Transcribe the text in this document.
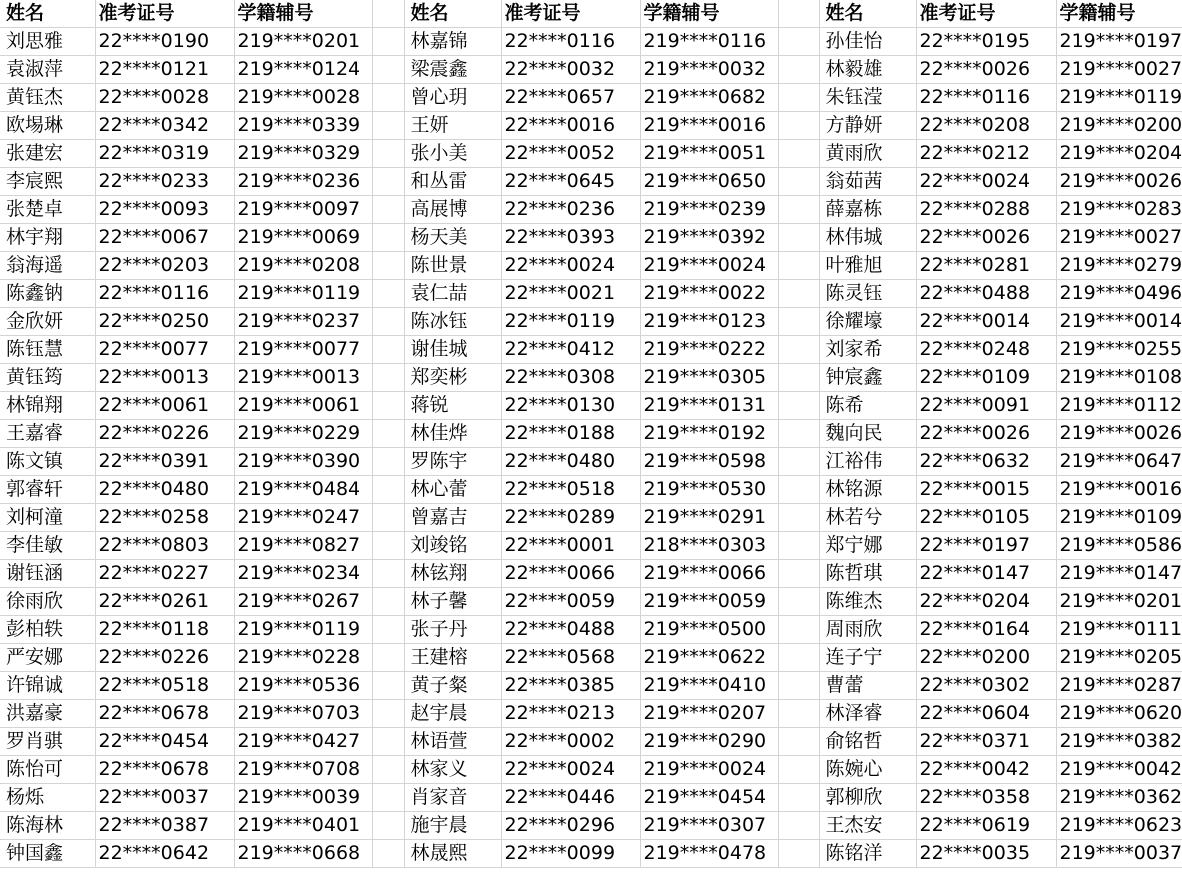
姓名	准考证号	学籍辅号		姓名	准考证号	学籍辅号		姓名	准考证号	学籍辅号
刘思雅	22****0190	219****0201		林嘉锦	22****0116	219****0116		孙佳怡	22****0195	219****0197
袁淑萍	22****0121	219****0124		梁震鑫	22****0032	219****0032		林毅雄	22****0026	219****0027
黄钰杰	22****0028	219****0028		曾心玥	22****0657	219****0682		朱钰滢	22****0116	219****0119
欧埸琳	22****0342	219****0339		王妍	22****0016	219****0016		方静妍	22****0208	219****0200
张建宏	22****0319	219****0329		张小美	22****0052	219****0051		黄雨欣	22****0212	219****0204
李宸熙	22****0233	219****0236		和丛雷	22****0645	219****0650		翁茹茜	22****0024	219****0026
张楚卓	22****0093	219****0097		高展博	22****0236	219****0239		薛嘉栋	22****0288	219****0283
林宇翔	22****0067	219****0069		杨天美	22****0393	219****0392		林伟城	22****0026	219****0027
翁海遥	22****0203	219****0208		陈世景	22****0024	219****0024		叶雅旭	22****0281	219****0279
陈鑫钠	22****0116	219****0119		袁仁喆	22****0021	219****0022		陈灵钰	22****0488	219****0496
金欣妍	22****0250	219****0237		陈冰钰	22****0119	219****0123		徐耀壕	22****0014	219****0014
陈钰慧	22****0077	219****0077		谢佳城	22****0412	219****0222		刘家希	22****0248	219****0255
黄钰筠	22****0013	219****0013		郑奕彬	22****0308	219****0305		钟宸鑫	22****0109	219****0108
林锦翔	22****0061	219****0061		蒋锐	22****0130	219****0131		陈希	22****0091	219****0112
王嘉睿	22****0226	219****0229		林佳烨	22****0188	219****0192		魏向民	22****0026	219****0026
陈文镇	22****0391	219****0390		罗陈宇	22****0480	219****0598		江裕伟	22****0632	219****0647
郭睿轩	22****0480	219****0484		林心蕾	22****0518	219****0530		林铭源	22****0015	219****0016
刘柯潼	22****0258	219****0247		曾嘉吉	22****0289	219****0291		林若兮	22****0105	219****0109
李佳敏	22****0803	219****0827		刘竣铭	22****0001	218****0303		郑宁娜	22****0197	219****0586
谢钰涵	22****0227	219****0234		林铉翔	22****0066	219****0066		陈哲琪	22****0147	219****0147
徐雨欣	22****0261	219****0267		林子馨	22****0059	219****0059		陈维杰	22****0204	219****0201
彭柏轶	22****0118	219****0119		张子丹	22****0488	219****0500		周雨欣	22****0164	219****0111
严安娜	22****0226	219****0228		王建榕	22****0568	219****0622		连子宁	22****0200	219****0205
许锦诚	22****0518	219****0536		黄子粲	22****0385	219****0410		曹蕾	22****0302	219****0287
洪嘉豪	22****0678	219****0703		赵宇晨	22****0213	219****0207		林泽睿	22****0604	219****0620
罗肖骐	22****0454	219****0427		林语萱	22****0002	219****0290		俞铭哲	22****0371	219****0382
陈怡可	22****0678	219****0708		林家义	22****0024	219****0024		陈婉心	22****0042	219****0042
杨烁	22****0037	219****0039		肖家音	22****0446	219****0454		郭柳欣	22****0358	219****0362
陈海林	22****0387	219****0401		施宇晨	22****0296	219****0307		王杰安	22****0619	219****0623
钟国鑫	22****0642	219****0668		林晟熙	22****0099	219****0478		陈铭洋	22****0035	219****0037
